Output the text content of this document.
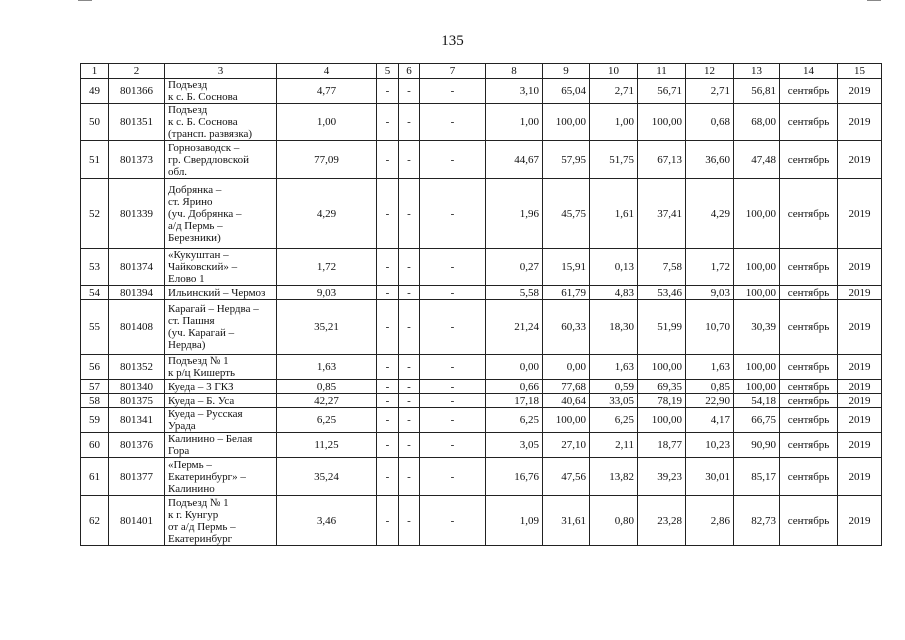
135
1	2	3	4	5	6	7	8	9	10	11	12	13	14	15
49	801366	Подъезд
к с. Б. Соснова	4,77	-	-	-	3,10	65,04	2,71	56,71	2,71	56,81	сентябрь	2019
50	801351	Подъезд
к с. Б. Соснова
(трансп. развязка)	1,00	-	-	-	1,00	100,00	1,00	100,00	0,68	68,00	сентябрь	2019
51	801373	Горнозаводск –
гр. Свердловской
обл.	77,09	-	-	-	44,67	57,95	51,75	67,13	36,60	47,48	сентябрь	2019
52	801339	Добрянка –
ст. Ярино
(уч. Добрянка –
а/д Пермь –
Березники)	4,29	-	-	-	1,96	45,75	1,61	37,41	4,29	100,00	сентябрь	2019
53	801374	«Кукуштан –
Чайковский» –
Елово 1	1,72	-	-	-	0,27	15,91	0,13	7,58	1,72	100,00	сентябрь	2019
54	801394	Ильинский – Чермоз	9,03	-	-	-	5,58	61,79	4,83	53,46	9,03	100,00	сентябрь	2019
55	801408	Карагай – Нердва –
ст. Пашня
(уч. Карагай –
Нердва)	35,21	-	-	-	21,24	60,33	18,30	51,99	10,70	30,39	сентябрь	2019
56	801352	Подъезд № 1
к р/ц Кишерть	1,63	-	-	-	0,00	0,00	1,63	100,00	1,63	100,00	сентябрь	2019
57	801340	Куеда – 3 ГКЗ	0,85	-	-	-	0,66	77,68	0,59	69,35	0,85	100,00	сентябрь	2019
58	801375	Куеда – Б. Уса	42,27	-	-	-	17,18	40,64	33,05	78,19	22,90	54,18	сентябрь	2019
59	801341	Куеда – Русская
Урада	6,25	-	-	-	6,25	100,00	6,25	100,00	4,17	66,75	сентябрь	2019
60	801376	Калинино – Белая
Гора	11,25	-	-	-	3,05	27,10	2,11	18,77	10,23	90,90	сентябрь	2019
61	801377	«Пермь –
Екатеринбург» –
Калинино	35,24	-	-	-	16,76	47,56	13,82	39,23	30,01	85,17	сентябрь	2019
62	801401	Подъезд № 1
к г. Кунгур
от а/д Пермь –
Екатеринбург	3,46	-	-	-	1,09	31,61	0,80	23,28	2,86	82,73	сентябрь	2019
